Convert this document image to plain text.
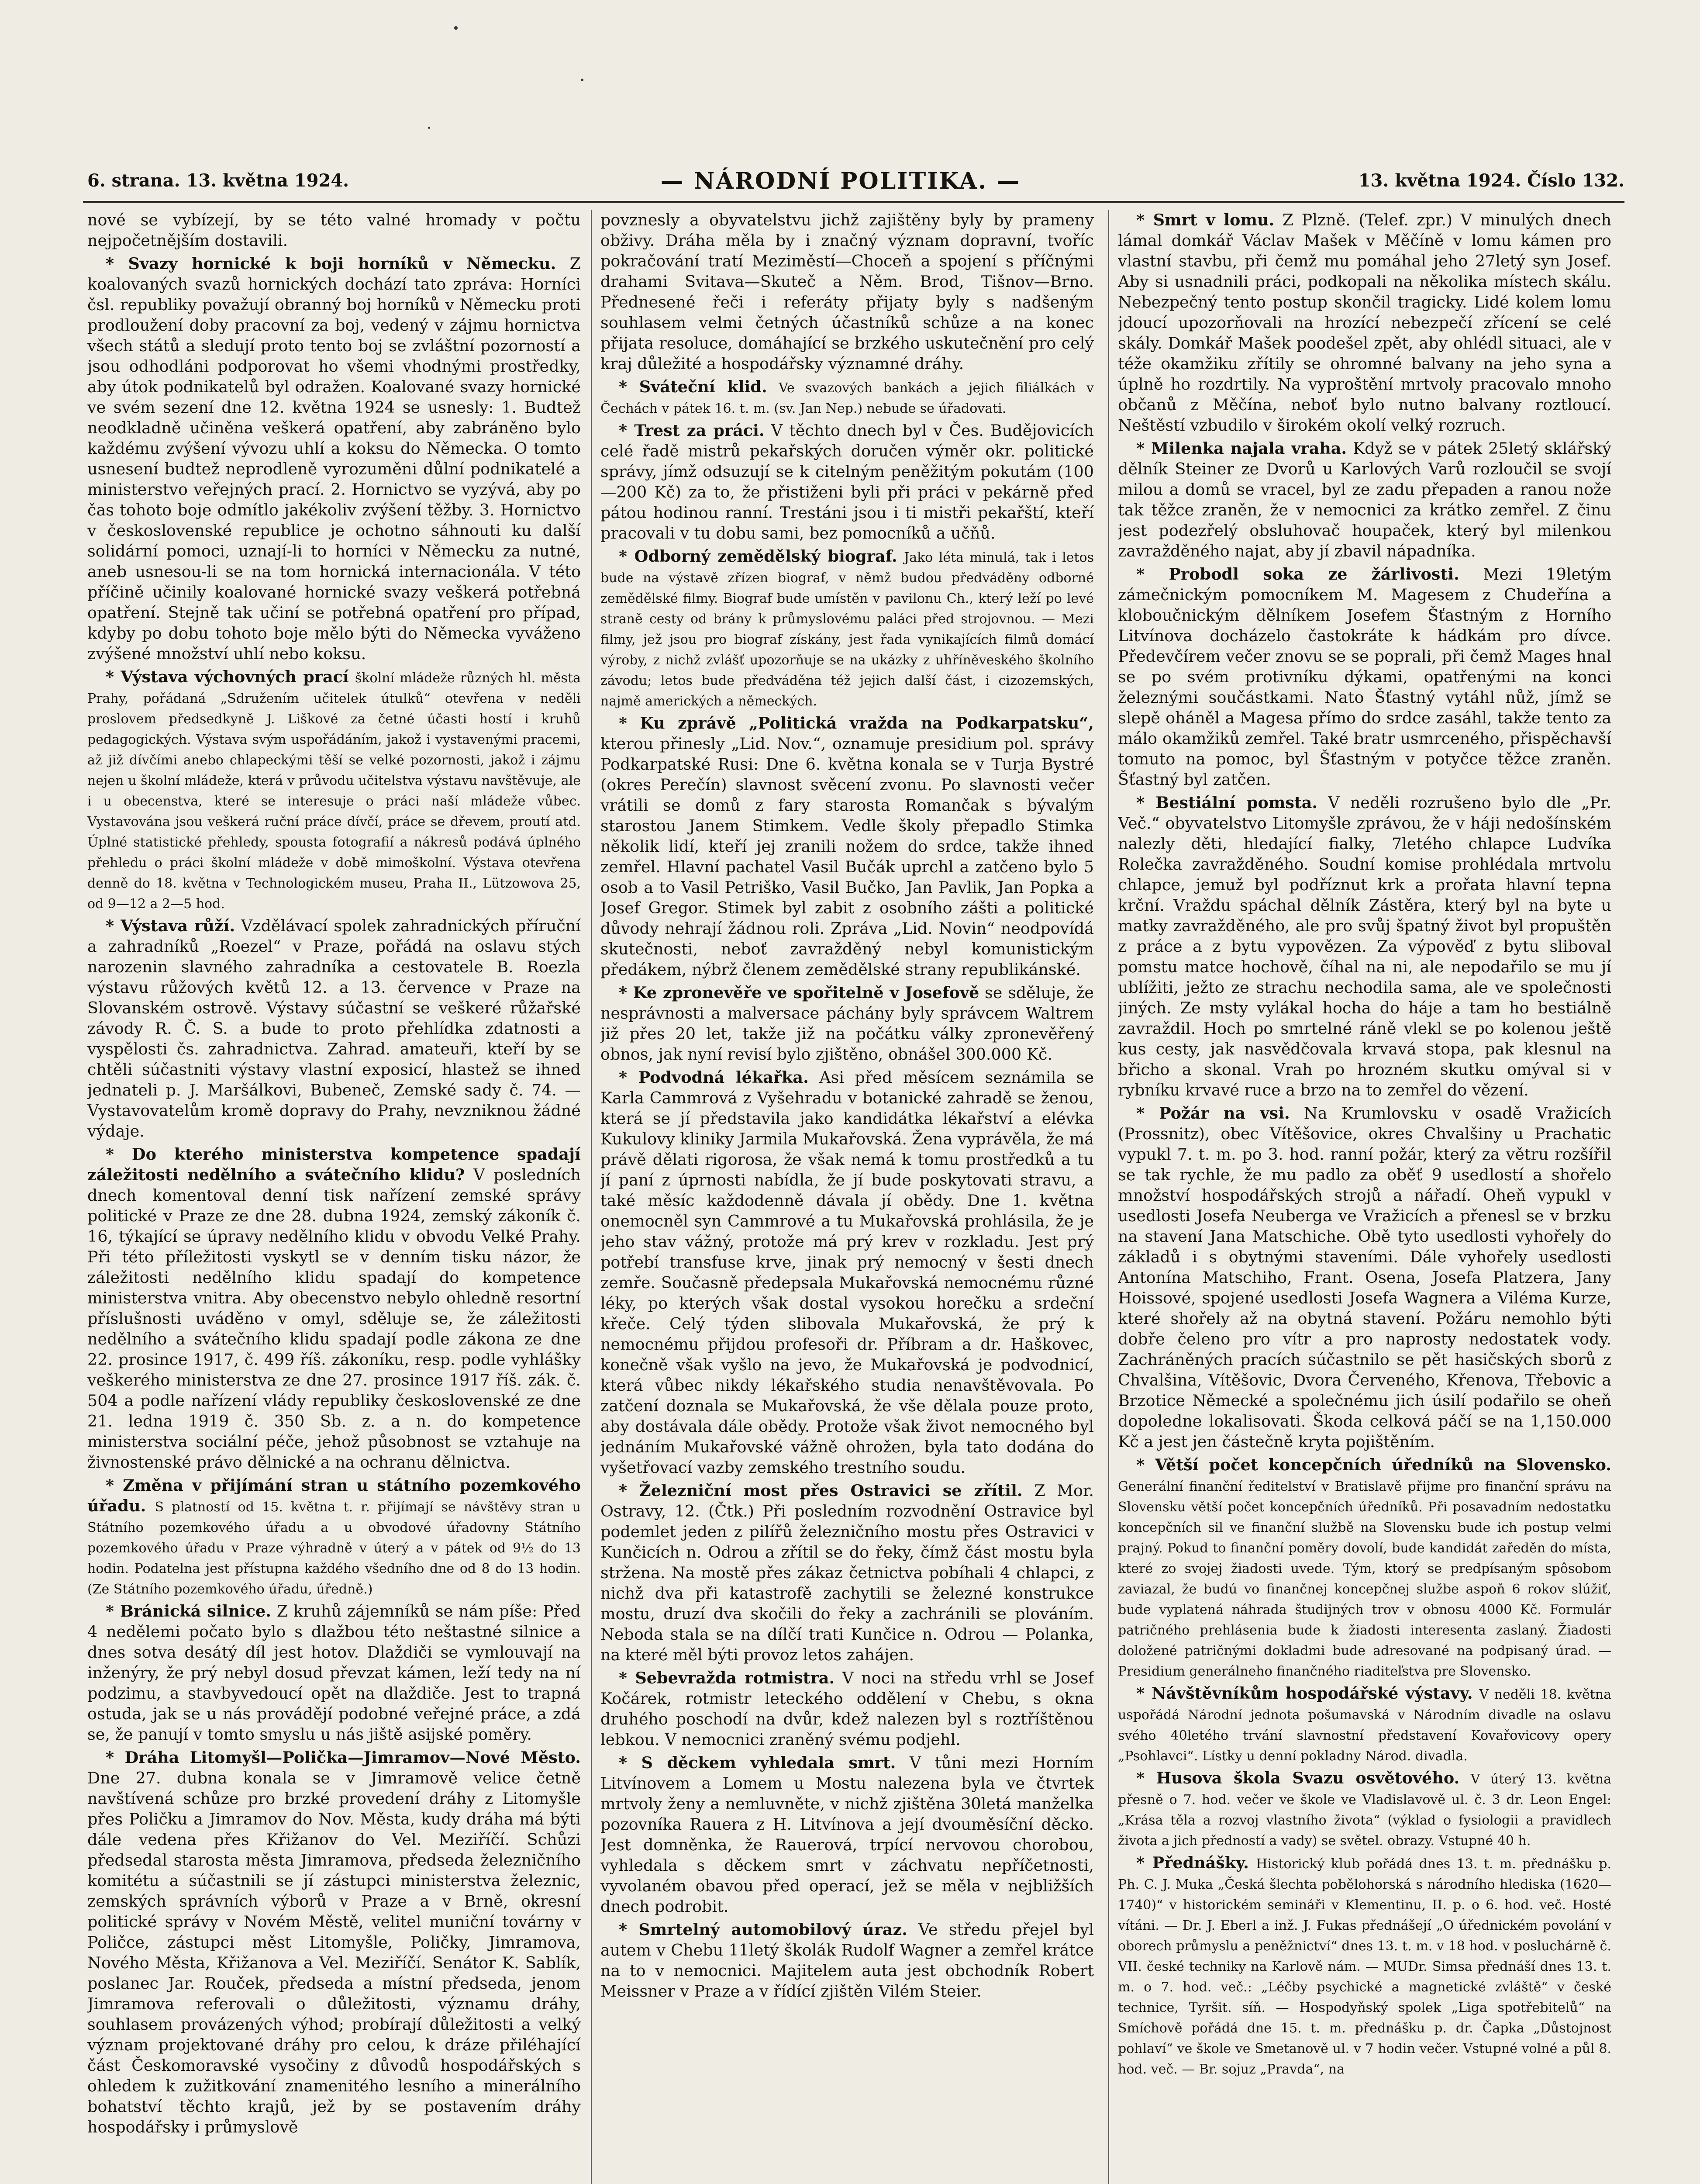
6. strana. 13. května 1924.	— NÁRODNÍ POLITIKA. —	13. května 1924. Číslo 132.

nové se vybízejí, by se této valné hromady v počtu nejpočetnějším dostavili.

* Svazy hornické k boji horníků v Německu. Z koalovaných svazů hornických dochází tato zpráva: Horníci čsl. republiky považují obranný boj horníků v Německu proti prodloužení doby pracovní za boj, vedený v zájmu hornictva všech států a sledují proto tento boj se zvláštní pozorností a jsou odhodláni podporovat ho všemi vhodnými prostředky, aby útok podnikatelů byl odražen. Koalované svazy hornické ve svém sezení dne 12. května 1924 se usnesly: 1. Budtež neodkladně učiněna veškerá opatření, aby zabráněno bylo každému zvýšení vývozu uhlí a koksu do Německa. O tomto usnesení budtež neprodleně vyrozuměni důlní podnikatelé a ministerstvo veřejných prací. 2. Hornictvo se vyzývá, aby po čas tohoto boje odmítlo jakékoliv zvýšení těžby. 3. Hornictvo v československé republice je ochotno sáhnouti ku další solidární pomoci, uznají-li to horníci v Německu za nutné, aneb usnesou-li se na tom hornická internacionála. V této příčině učinily koalované hornické svazy veškerá potřebná opatření. Stejně tak učiní se potřebná opatření pro případ, kdyby po dobu tohoto boje mělo býti do Německa vyváženo zvýšené množství uhlí nebo koksu.

* Výstava výchovných prací školní mládeže různých hl. města Prahy, pořádaná „Sdružením učitelek útulků“ otevřena v neděli proslovem předsedkyně J. Liškové za četné účasti hostí i kruhů pedagogických. Výstava svým uspořádáním, jakož i vystavenými pracemi, až již dívčími anebo chlapeckými těší se velké pozornosti, jakož i zájmu nejen u školní mládeže, která v průvodu učitelstva výstavu navštěvuje, ale i u obecenstva, které se interesuje o práci naší mládeže vůbec. Vystavována jsou veškerá ruční práce dívčí, práce se dřevem, proutí atd. Úplné statistické přehledy, spousta fotografií a nákresů podává úplného přehledu o práci školní mládeže v době mimoškolní. Výstava otevřena denně do 18. května v Technologickém museu, Praha II., Lützowova 25, od 9—12 a 2—5 hod.

* Výstava růží. Vzdělávací spolek zahradnických příruční a zahradníků „Roezel“ v Praze, pořádá na oslavu stých narozenin slavného zahradníka a cestovatele B. Roezla výstavu růžových květů 12. a 13. července v Praze na Slovanském ostrově. Výstavy súčastní se veškeré růžařské závody R. Č. S. a bude to proto přehlídka zdatnosti a vyspělosti čs. zahradnictva. Zahrad. amateuři, kteří by se chtěli súčastniti výstavy vlastní exposicí, hlastež se ihned jednateli p. J. Maršálkovi, Bubeneč, Zemské sady č. 74. — Vystavovatelům kromě dopravy do Prahy, nevzniknou žádné výdaje.

* Do kterého ministerstva kompetence spadají záležitosti nedělního a svátečního klidu? V posledních dnech komentoval denní tisk nařízení zemské správy politické v Praze ze dne 28. dubna 1924, zemský zákoník č. 16, týkající se úpravy nedělního klidu v obvodu Velké Prahy. Při této příležitosti vyskytl se v denním tisku názor, že záležitosti nedělního klidu spadají do kompetence ministerstva vnitra. Aby obecenstvo nebylo ohledně resortní příslušnosti uváděno v omyl, sděluje se, že záležitosti nedělního a svátečního klidu spadají podle zákona ze dne 22. prosince 1917, č. 499 říš. zákoníku, resp. podle vyhlášky veškerého ministerstva ze dne 27. prosince 1917 říš. zák. č. 504 a podle nařízení vlády republiky československé ze dne 21. ledna 1919 č. 350 Sb. z. a n. do kompetence ministerstva sociální péče, jehož působnost se vztahuje na živnostenské právo dělnické a na ochranu dělnictva.

* Změna v přijímání stran u státního pozemkového úřadu. S platností od 15. května t. r. přijímají se návštěvy stran u Státního pozemkového úřadu a u obvodové úřadovny Státního pozemkového úřadu v Praze výhradně v úterý a v pátek od 9½ do 13 hodin. Podatelna jest přístupna každého všedního dne od 8 do 13 hodin. (Ze Státního pozemkového úřadu, úředně.)

* Bránická silnice. Z kruhů zájemníků se nám píše: Před 4 nedělemi počato bylo s dlažbou této neštastné silnice a dnes sotva desátý díl jest hotov. Dlaždiči se vymlouvají na inženýry, že prý nebyl dosud převzat kámen, leží tedy na ní podzimu, a stavbyvedoucí opět na dlaždiče. Jest to trapná ostuda, jak se u nás provádějí podobné veřejné práce, a zdá se, že panují v tomto smyslu u nás jiště asijské poměry.

* Dráha Litomyšl—Polička—Jimramov—Nové Město. Dne 27. dubna konala se v Jimramově velice četně navštívená schůze pro brzké provedení dráhy z Litomyšle přes Poličku a Jimramov do Nov. Města, kudy dráha má býti dále vedena přes Křižanov do Vel. Meziříčí. Schůzi předsedal starosta města Jimramova, předseda železničního komitétu a súčastnili se jí zástupci ministerstva železnic, zemských správních výborů v Praze a v Brně, okresní politické správy v Novém Městě, velitel muniční továrny v Poličce, zástupci měst Litomyšle, Poličky, Jimramova, Nového Města, Křižanova a Vel. Meziříčí. Senátor K. Sablík, poslanec Jar. Rouček, předseda a místní předseda, jenom Jimramova referovali o důležitosti, významu dráhy, souhlasem provázených výhod; probírají důležitosti a velký význam projektované dráhy pro celou, k dráze přiléhající část Českomoravské vysočiny z důvodů hospodářských s ohledem k zužitkování znamenitého lesního a minerálního bohatství těchto krajů, jež by se postavením dráhy hospodářsky i průmyslově

povznesly a obyvatelstvu jichž zajištěny byly by prameny obživy. Dráha měla by i značný význam dopravní, tvoříc pokračování tratí Meziměstí—Choceň a spojení s příčnými drahami Svitava—Skuteč a Něm. Brod, Tišnov—Brno. Přednesené řeči i referáty přijaty byly s nadšeným souhlasem velmi četných účastníků schůze a na konec přijata resoluce, domáhající se brzkého uskutečnění pro celý kraj důležité a hospodářsky významné dráhy.

* Sváteční klid. Ve svazových bankách a jejich filiálkách v Čechách v pátek 16. t. m. (sv. Jan Nep.) nebude se úřadovati.

* Trest za práci. V těchto dnech byl v Čes. Budějovicích celé řadě mistrů pekařských doručen výměr okr. politické správy, jímž odsuzují se k citelným peněžitým pokutám (100—200 Kč) za to, že přistiženi byli při práci v pekárně před pátou hodinou ranní. Trestáni jsou i ti mistři pekařští, kteří pracovali v tu dobu sami, bez pomocníků a učňů.

* Odborný zemědělský biograf. Jako léta minulá, tak i letos bude na výstavě zřízen biograf, v němž budou předváděny odborné zemědělské filmy. Biograf bude umístěn v pavilonu Ch., který leží po levé straně cesty od brány k průmyslovému paláci před strojovnou. — Mezi filmy, jež jsou pro biograf získány, jest řada vynikajících filmů domácí výroby, z nichž zvlášť upozorňuje se na ukázky z uhříněveského školního závodu; letos bude předváděna též jejich další část, i cizozemských, najmě amerických a německých.

* Ku zprávě „Politická vražda na Podkarpatsku“, kterou přinesly „Lid. Nov.“, oznamuje presidium pol. správy Podkarpatské Rusi: Dne 6. května konala se v Turja Bystré (okres Perečín) slavnost svěcení zvonu. Po slavnosti večer vrátili se domů z fary starosta Romančak s bývalým starostou Janem Stimkem. Vedle školy přepadlo Stimka několik lidí, kteří jej zranili nožem do srdce, takže ihned zemřel. Hlavní pachatel Vasil Bučák uprchl a zatčeno bylo 5 osob a to Vasil Petriško, Vasil Bučko, Jan Pavlik, Jan Popka a Josef Gregor. Stimek byl zabit z osobního zášti a politické důvody nehrají žádnou roli. Zpráva „Lid. Novin“ neodpovídá skutečnosti, neboť zavražděný nebyl komunistickým předákem, nýbrž členem zemědělské strany republikánské.

* Ke zpronevěře ve spořitelně v Josefově se sděluje, že nesprávnosti a malversace páchány byly správcem Waltrem již přes 20 let, takže již na počátku války zpronevěřený obnos, jak nyní revisí bylo zjištěno, obnášel 300.000 Kč.

* Podvodná lékařka. Asi před měsícem seznámila se Karla Cammrová z Vyšehradu v botanické zahradě se ženou, která se jí představila jako kandidátka lékařství a elévka Kukulovy kliniky Jarmila Mukařovská. Žena vyprávěla, že má právě dělati rigorosa, že však nemá k tomu prostředků a tu jí paní z úprnosti nabídla, že jí bude poskytovati stravu, a také měsíc každodenně dávala jí obědy. Dne 1. května onemocněl syn Cammrové a tu Mukařovská prohlásila, že je jeho stav vážný, protože má prý krev v rozkladu. Jest prý potřebí transfuse krve, jinak prý nemocný v šesti dnech zemře. Současně předepsala Mukařovská nemocnému různé léky, po kterých však dostal vysokou horečku a srdeční křeče. Celý týden slibovala Mukařovská, že prý k nemocnému přijdou profesoři dr. Příbram a dr. Haškovec, konečně však vyšlo na jevo, že Mukařovská je podvodnicí, která vůbec nikdy lékařského studia nenavštěvovala. Po zatčení doznala se Mukařovská, že vše dělala pouze proto, aby dostávala dále obědy. Protože však život nemocného byl jednáním Mukařovské vážně ohrožen, byla tato dodána do vyšetřovací vazby zemského trestního soudu.

* Železniční most přes Ostravici se zřítil. Z Mor. Ostravy, 12. (Čtk.) Při posledním rozvodnění Ostravice byl podemlet jeden z pilířů železničního mostu přes Ostravici v Kunčicích n. Odrou a zřítil se do řeky, čímž část mostu byla stržena. Na mostě přes zákaz četnictva pobíhali 4 chlapci, z nichž dva při katastrofě zachytili se železné konstrukce mostu, druzí dva skočili do řeky a zachránili se plováním. Neboda stala se na dílčí trati Kunčice n. Odrou — Polanka, na které měl býti provoz letos zahájen.

* Sebevražda rotmistra. V noci na středu vrhl se Josef Kočárek, rotmistr leteckého oddělení v Chebu, s okna druhého poschodí na dvůr, kdež nalezen byl s roztříštěnou lebkou. V nemocnici zraněný svému podjehl.

* S děckem vyhledala smrt. V tůni mezi Horním Litvínovem a Lomem u Mostu nalezena byla ve čtvrtek mrtvoly ženy a nemluvněte, v nichž zjištěna 30letá manželka pozovníka Rauera z H. Litvínova a její dvouměsíční děcko. Jest domněnka, že Rauerová, trpící nervovou chorobou, vyhledala s děckem smrt v záchvatu nepříčetnosti, vyvolaném obavou před operací, jež se měla v nejbližších dnech podrobit.

* Smrtelný automobilový úraz. Ve středu přejel byl autem v Chebu 11letý školák Rudolf Wagner a zemřel krátce na to v nemocnici. Majitelem auta jest obchodník Robert Meissner v Praze a v řídící zjištěn Vilém Steier.

* Smrt v lomu. Z Plzně. (Telef. zpr.) V minulých dnech lámal domkář Václav Mašek v Měčíně v lomu kámen pro vlastní stavbu, při čemž mu pomáhal jeho 27letý syn Josef. Aby si usnadnili práci, podkopali na několika místech skálu. Nebezpečný tento postup skončil tragicky. Lidé kolem lomu jdoucí upozorňovali na hrozící nebezpečí zřícení se celé skály. Domkář Mašek poodešel zpět, aby ohlédl situaci, ale v téže okamžiku zřítily se ohromné balvany na jeho syna a úplně ho rozdrtily. Na vyproštění mrtvoly pracovalo mnoho občanů z Měčína, neboť bylo nutno balvany roztloucí. Neštěstí vzbudilo v širokém okolí velký rozruch.

* Milenka najala vraha. Když se v pátek 25letý sklářský dělník Steiner ze Dvorů u Karlových Varů rozloučil se svojí milou a domů se vracel, byl ze zadu přepaden a ranou nože tak těžce zraněn, že v nemocnici za krátko zemřel. Z činu jest podezřelý obsluhovač houpaček, který byl milenkou zavražděného najat, aby jí zbavil nápadníka.

* Probodl soka ze žárlivosti. Mezi 19letým zámečnickým pomocníkem M. Magesem z Chudeřína a kloboučnickým dělníkem Josefem Šťastným z Horního Litvínova docházelo častokráte k hádkám pro dívce. Předevčírem večer znovu se se poprali, při čemž Mages hnal se po svém protivníku dýkami, opatřenými na konci železnými součástkami. Nato Šťastný vytáhl nůž, jímž se slepě oháněl a Magesa přímo do srdce zasáhl, takže tento za málo okamžiků zemřel. Také bratr usmrceného, přispěchavší tomuto na pomoc, byl Šťastným v potyčce těžce zraněn. Šťastný byl zatčen.

* Bestiální pomsta. V neděli rozrušeno bylo dle „Pr. Več.“ obyvatelstvo Litomyšle zprávou, že v háji nedošínském nalezly děti, hledající fialky, 7letého chlapce Ludvíka Rolečka zavražděného. Soudní komise prohlédala mrtvolu chlapce, jemuž byl podříznut krk a prořata hlavní tepna krční. Vraždu spáchal dělník Zástěra, který byl na byte u matky zavražděného, ale pro svůj špatný život byl propuštěn z práce a z bytu vypovězen. Za výpověď z bytu sliboval pomstu matce hochově, číhal na ni, ale nepodařilo se mu jí ublížiti, ježto ze strachu nechodila sama, ale ve společnosti jiných. Ze msty vylákal hocha do háje a tam ho bestiálně zavraždil. Hoch po smrtelné ráně vlekl se po kolenou ještě kus cesty, jak nasvědčovala krvavá stopa, pak klesnul na břicho a skonal. Vrah po hrozném skutku omýval si v rybníku krvavé ruce a brzo na to zemřel do vězení.

* Požár na vsi. Na Krumlovsku v osadě Vražicích (Prossnitz), obec Vítěšovice, okres Chvalšiny u Prachatic vypukl 7. t. m. po 3. hod. ranní požár, který za větru rozšířil se tak rychle, že mu padlo za oběť 9 usedlostí a shořelo množství hospodářských strojů a nářadí. Oheň vypukl v usedlosti Josefa Neuberga ve Vražicích a přenesl se v brzku na stavení Jana Matschiche. Obě tyto usedlosti vyhořely do základů i s obytnými staveními. Dále vyhořely usedlosti Antonína Matschiho, Frant. Osena, Josefa Platzera, Jany Hoissové, spojené usedlosti Josefa Wagnera a Viléma Kurze, které shořely až na obytná stavení. Požáru nemohlo býti dobře čeleno pro vítr a pro naprosty nedostatek vody. Zachráněných pracích súčastnilo se pět hasičských sborů z Chvalšina, Vítěšovic, Dvora Červeného, Křenova, Třebovic a Brzotice Německé a společnému jich úsilí podařilo se oheň dopoledne lokalisovati. Škoda celková páčí se na 1,150.000 Kč a jest jen částečně kryta pojištěním.

* Větší počet koncepčních úředníků na Slovensko. Generální finanční ředitelství v Bratislavě přijme pro finanční správu na Slovensku větší počet koncepčních úředníků. Při posavadním nedostatku koncepčních sil ve finanční službě na Slovensku bude ich postup velmi prajný. Pokud to finanční poměry dovolí, bude kandidát zaředěn do místa, které zo svojej žiadosti uvede. Tým, ktorý se predpísaným spôsobom zaviazal, že budú vo finančnej koncepčnej službe aspoň 6 rokov slúžiť, bude vyplatená náhrada študijných trov v obnosu 4000 Kč. Formulár patričného prehlásenia bude k žiadosti interesenta zaslaný. Žiadosti doložené patričnými dokladmi bude adresované na podpisaný úrad. — Presidium generálneho finančného riaditeľstva pre Slovensko.

* Návštěvníkům hospodářské výstavy. V neděli 18. května uspořádá Národní jednota pošumavská v Národním divadle na oslavu svého 40letého trvání slavnostní představení Kovařovicovy opery „Psohlavci“. Lístky u denní pokladny Národ. divadla.

* Husova škola Svazu osvětového. V úterý 13. května přesně o 7. hod. večer ve škole ve Vladislavově ul. č. 3 dr. Leon Engel: „Krása těla a rozvoj vlastního života“ (výklad o fysiologii a pravidlech života a jich předností a vady) se světel. obrazy. Vstupné 40 h.

* Přednášky. Historický klub pořádá dnes 13. t. m. přednášku p. Ph. C. J. Muka „Česká šlechta pobělohorská s národního hlediska (1620—1740)“ v historickém semináři v Klementinu, II. p. o 6. hod. več. Hosté vítáni. — Dr. J. Eberl a inž. J. Fukas přednášejí „O úřednickém povolání v oborech průmyslu a peněžnictví“ dnes 13. t. m. v 18 hod. v posluchárně č. VII. české techniky na Karlově nám. — MUDr. Simsa přednáší dnes 13. t. m. o 7. hod. več.: „Léčby psychické a magnetické zvláště“ v české technice, Tyršit. síň. — Hospodyňský spolek „Liga spotřebitelů“ na Smíchově pořádá dne 15. t. m. přednášku p. dr. Čapka „Důstojnost pohlaví“ ve škole ve Smetanově ul. v 7 hodin večer. Vstupné volné a půl 8. hod. več. — Br. sojuz „Pravda“, na
